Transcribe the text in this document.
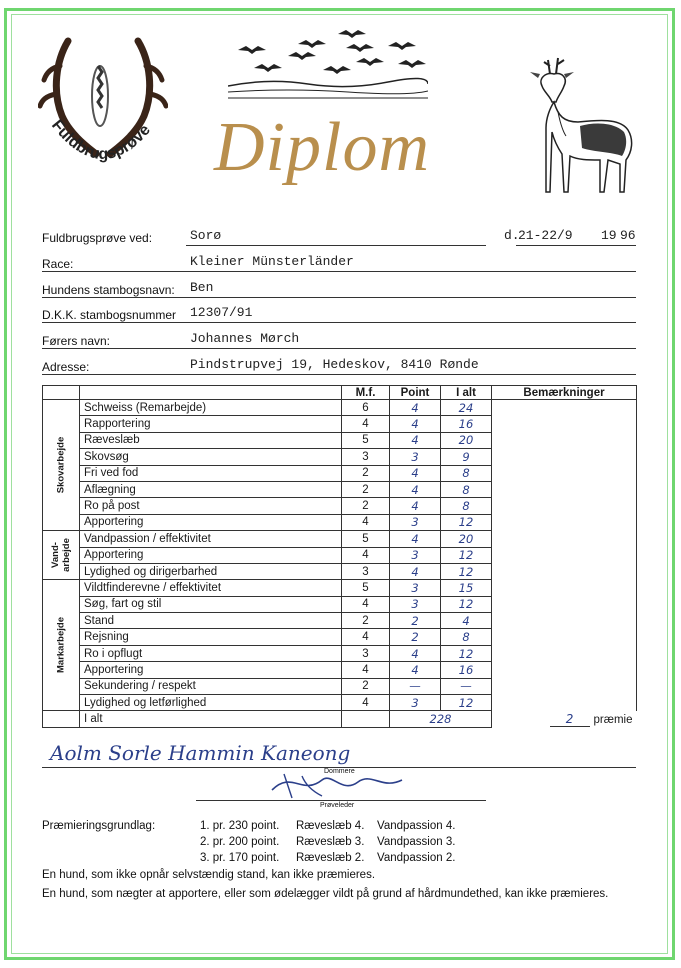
Fuldbrugsprøve Diplom
Fuldbrugsprøve ved:	Sorø	d.
21-22/9 19 96
Race:	Kleiner Münsterländer
Hundens stambogsnavn: Ben
D.K.K. stambogsnummer 12307/91
Førers navn:	Johannes Mørch
Adresse:	Pindstrupvej 19, Hedeskov, 8410 Rønde
		M.f.	Point	I alt	Bemærkninger

Skovarbejde	Schweiss (Remarbejde)	6	4	24	
	Rapportering	4	4	16	
	Ræveslæb	5	4	20	
	Skovsøg	3	3	9	
	Fri ved fod	2	4	8	
	Aflægning	2	4	8	
	Ro på post	2	4	8	
	Apportering	4	3	12	

Vand-
arbejde	Vandpassion / effektivitet	5	4	20	
	Apportering	4	3	12	
	Lydighed og dirigerbarhed	3	4	12	

Markarbejde	Vildtfinderevne / effektivitet	5	3	15	
	Søg, fart og stil	4	3	12	
	Stand	2	2	4	
	Rejsning	4	2	8	
	Ro i opflugt	3	4	12	
	Apportering	4	4	16	
	Sekundering / respekt	2	—	—	
	Lydighed og letførlighed	4	3	12	
	I alt		228		2 præmie
Aolm Sorle Hammin Kaneong
Dommere
Prøveleder
Præmieringsgrundlag:	1. pr. 230 point. Ræveslæb 4. Vandpassion 4.
2. pr. 200 point. Ræveslæb 3. Vandpassion 3.
3. pr. 170 point. Ræveslæb 2. Vandpassion 2.
En hund, som ikke opnår selvstændig stand, kan ikke præmieres.
En hund, som nægter at apportere, eller som ødelægger vildt på grund af hårdmundethed, kan ikke præmieres.
